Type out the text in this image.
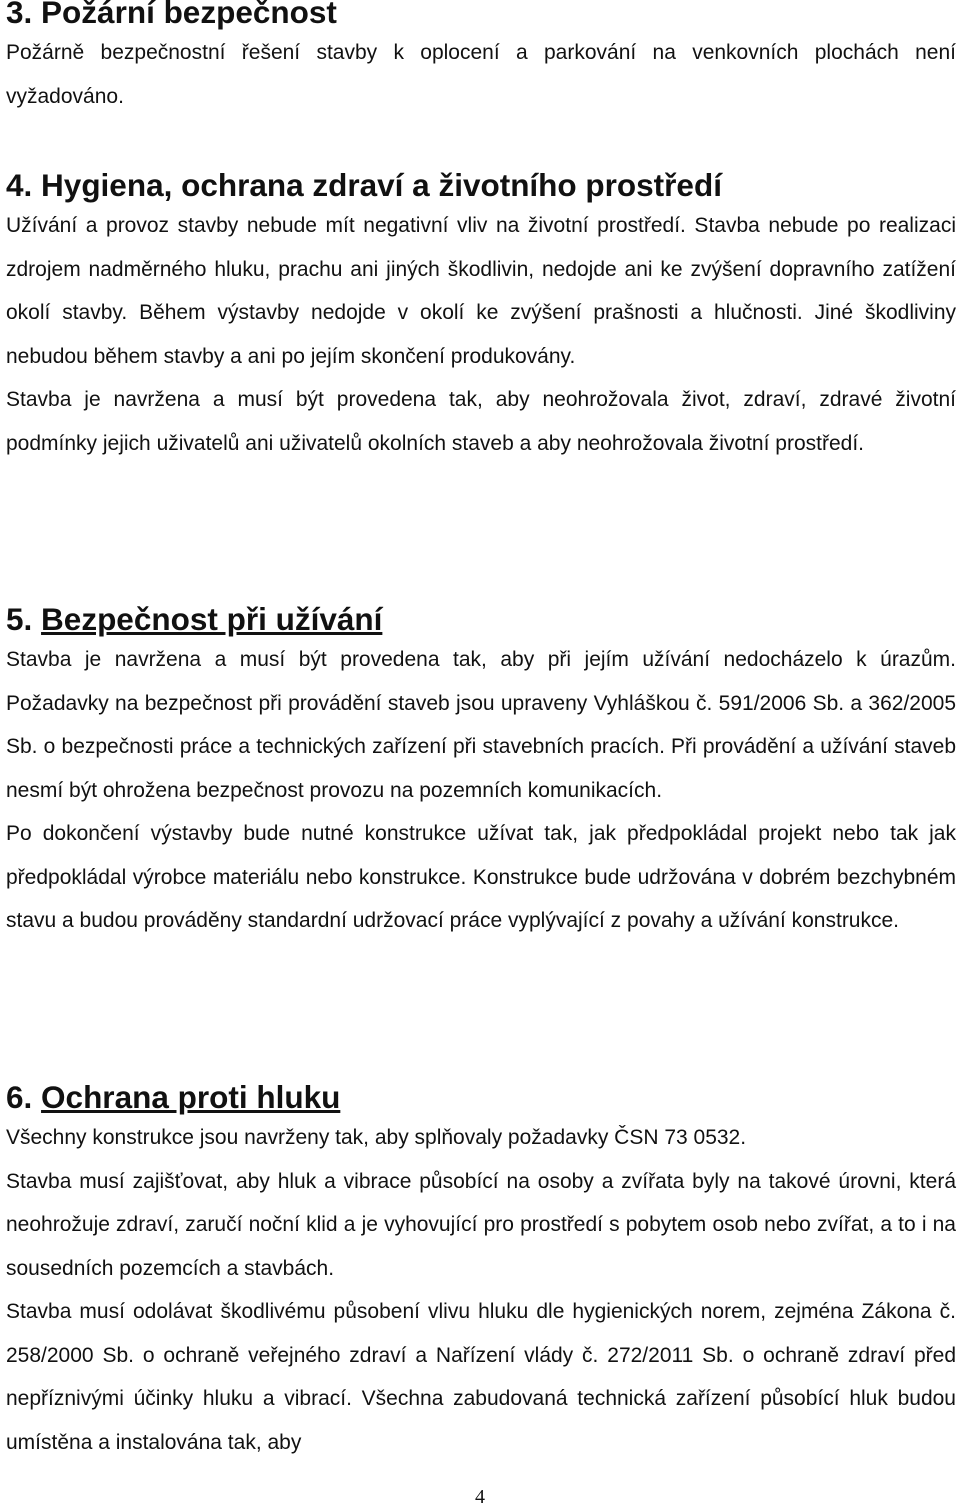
3. Požární bezpečnost

Požárně bezpečnostní řešení stavby k oplocení a parkování na venkovních plochách není vyžadováno.

4. Hygiena, ochrana zdraví a životního prostředí

Užívání a provoz stavby nebude mít negativní vliv na životní prostředí. Stavba nebude po realizaci zdrojem nadměrného hluku, prachu ani jiných škodlivin, nedojde ani ke zvýšení dopravního zatížení okolí stavby. Během výstavby nedojde v okolí ke zvýšení prašnosti a hlučnosti. Jiné škodliviny nebudou během stavby a ani po jejím skončení produkovány.

Stavba je navržena a musí být provedena tak, aby neohrožovala život, zdraví, zdravé životní podmínky jejich uživatelů ani uživatelů okolních staveb a aby neohrožovala životní prostředí.

5. Bezpečnost při užívání

Stavba je navržena a musí být provedena tak, aby při jejím užívání nedocházelo k úrazům. Požadavky na bezpečnost při provádění staveb jsou upraveny Vyhláškou č. 591/2006 Sb. a 362/2005 Sb. o bezpečnosti práce a technických zařízení při stavebních pracích. Při provádění a užívání staveb nesmí být ohrožena bezpečnost provozu na pozemních komunikacích.

Po dokončení výstavby bude nutné konstrukce užívat tak, jak předpokládal projekt nebo tak jak předpokládal výrobce materiálu nebo konstrukce. Konstrukce bude udržována v dobrém bezchybném stavu a budou prováděny standardní udržovací práce vyplývající z povahy a užívání konstrukce.

6. Ochrana proti hluku

Všechny konstrukce jsou navrženy tak, aby splňovaly požadavky ČSN 73 0532.

Stavba musí zajišťovat, aby hluk a vibrace působící na osoby a zvířata byly na takové úrovni, která neohrožuje zdraví, zaručí noční klid a je vyhovující pro prostředí s pobytem osob nebo zvířat, a to i na sousedních pozemcích a stavbách.

Stavba musí odolávat škodlivému působení vlivu hluku dle hygienických norem, zejména Zákona č. 258/2000 Sb. o ochraně veřejného zdraví a Nařízení vlády č. 272/2011 Sb. o ochraně zdraví před nepříznivými účinky hluku a vibrací. Všechna zabudovaná technická zařízení působící hluk budou umístěna a instalována tak, aby

4
